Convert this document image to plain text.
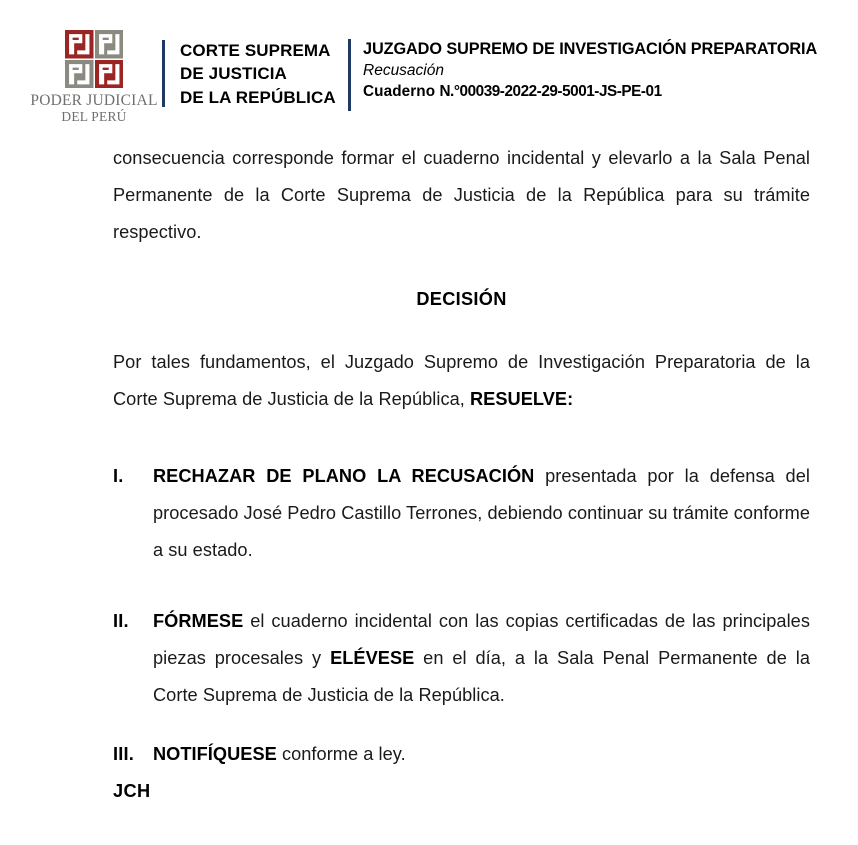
PODER JUDICIAL
DEL PERÚ
CORTE SUPREMA
DE JUSTICIA
DE LA REPÚBLICA
JUZGADO SUPREMO DE INVESTIGACIÓN PREPARATORIA
Recusación
Cuaderno N.°00039-2022-29-5001-JS-PE-01

consecuencia corresponde formar el cuaderno incidental y elevarlo a la Sala Penal Permanente de la Corte Suprema de Justicia de la República para su trámite respectivo.

DECISIÓN

Por tales fundamentos, el Juzgado Supremo de Investigación Preparatoria de la Corte Suprema de Justicia de la República, RESUELVE:

I.	RECHAZAR DE PLANO LA RECUSACIÓN presentada por la defensa del procesado José Pedro Castillo Terrones, debiendo continuar su trámite conforme a su estado.
II.	FÓRMESE el cuaderno incidental con las copias certificadas de las principales piezas procesales y ELÉVESE en el día, a la Sala Penal Permanente de la Corte Suprema de Justicia de la República.
III.	NOTIFÍQUESE conforme a ley.

JCH
